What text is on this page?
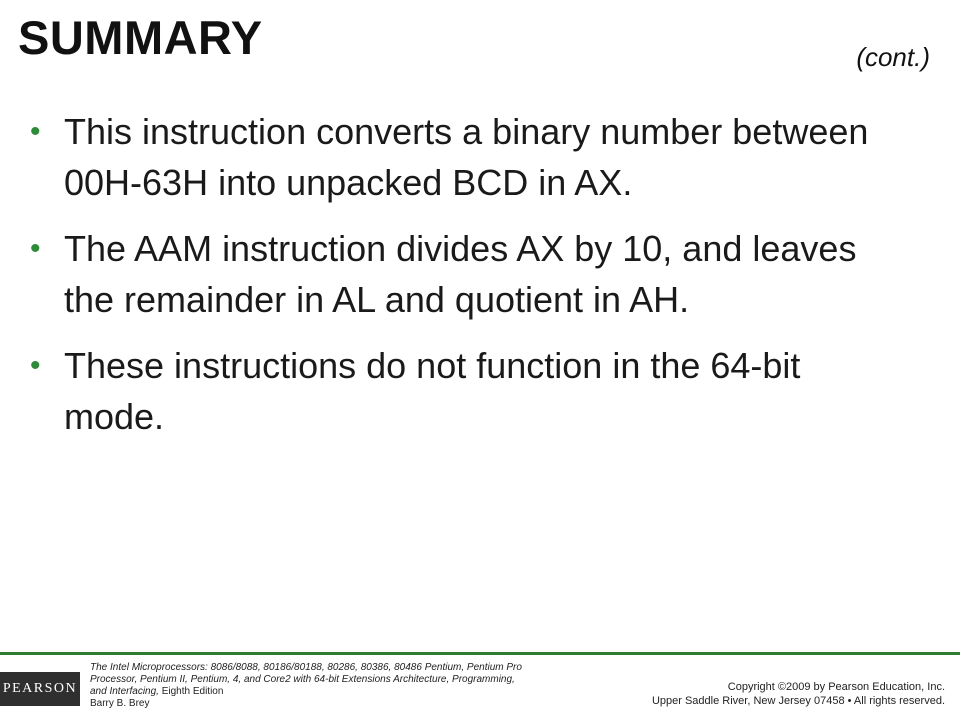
SUMMARY	(cont.)
• This instruction converts a binary number between 00H-63H into unpacked BCD in AX.
• The AAM instruction divides AX by 10, and leaves the remainder in AL and quotient in AH.
• These instructions do not function in the 64-bit mode.
PEARSON
The Intel Microprocessors: 8086/8088, 80186/80188, 80286, 80386, 80486 Pentium, Pentium Pro Processor, Pentium II, Pentium, 4, and Core2 with 64-bit Extensions Architecture, Programming, and Interfacing, Eighth Edition
Barry B. Brey
Copyright ©2009 by Pearson Education, Inc.
Upper Saddle River, New Jersey 07458 • All rights reserved.
